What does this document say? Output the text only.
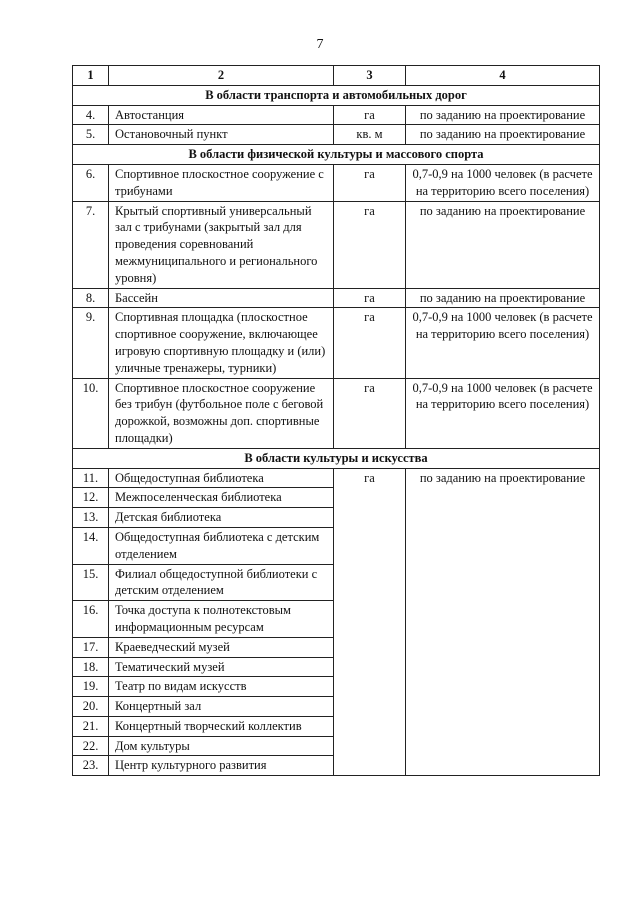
7
1	2	3	4
В области транспорта и автомобильных дорог			
4.	Автостанция	га	по заданию на проектирование
5.	Остановочный пункт	кв. м	по заданию на проектирование
В области физической культуры и массового спорта			
6.	Спортивное плоскостное сооружение с трибунами	га	0,7-0,9 на 1000 человек (в расчете на территорию всего поселения)
7.	Крытый спортивный универсальный зал с трибунами (закрытый зал для проведения соревнований межмуниципального и регионального уровня)	га	по заданию на проектирование
8.	Бассейн	га	по заданию на проектирование
9.	Спортивная площадка (плоскостное спортивное сооружение, включающее игровую спортивную площадку и (или) уличные тренажеры, турники)	га	0,7-0,9 на 1000 человек (в расчете на территорию всего поселения)
10.	Спортивное плоскостное сооружение без трибун (футбольное поле с беговой дорожкой, возможны доп. спортивные площадки)	га	0,7-0,9 на 1000 человек (в расчете на территорию всего поселения)
В области культуры и искусства			
11.	Общедоступная библиотека	га	по заданию на проектирование
12.	Межпоселенческая библиотека		
13.	Детская библиотека		
14.	Общедоступная библиотека с детским отделением		
15.	Филиал общедоступной библиотеки с детским отделением		
16.	Точка доступа к полнотекстовым информационным ресурсам		
17.	Краеведческий музей		
18.	Тематический музей		
19.	Театр по видам искусств		
20.	Концертный зал		
21.	Концертный творческий коллектив		
22.	Дом культуры		
23.	Центр культурного развития		
